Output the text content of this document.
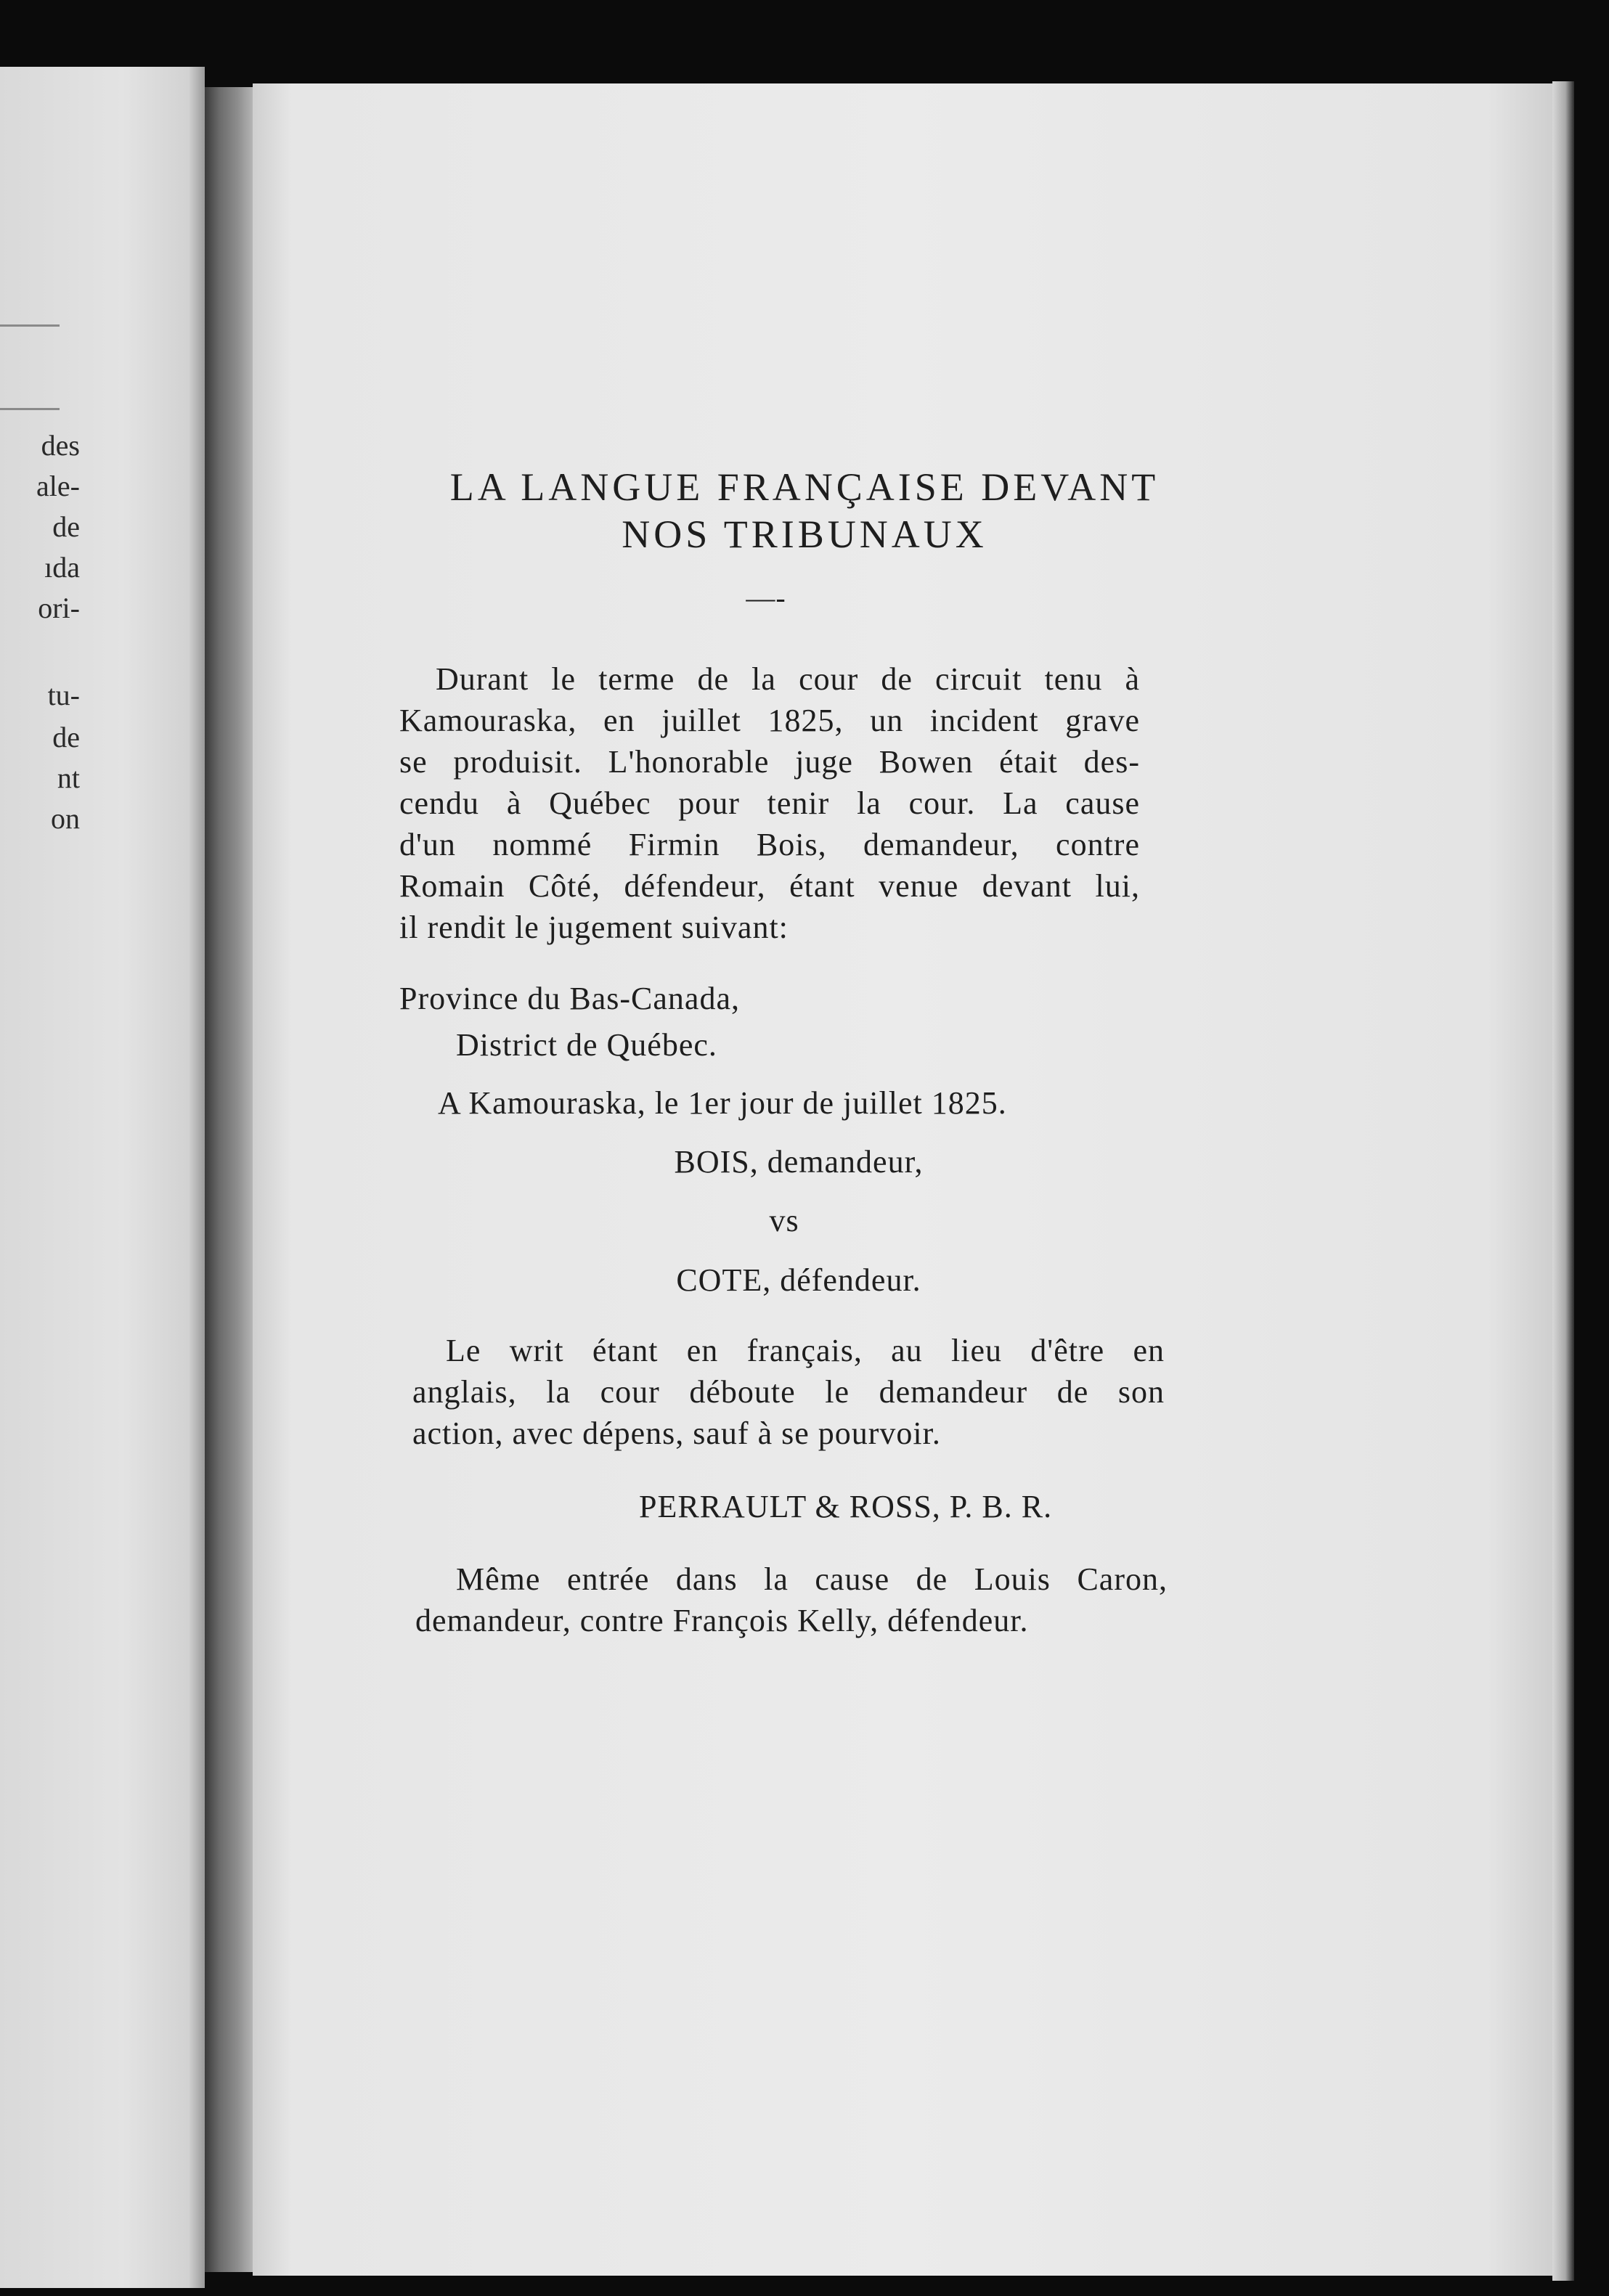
des
ale-
de
ıda
ori-
tu-
de
nt
on
LA LANGUE FRANÇAISE DEVANT
NOS TRIBUNAUX
—-
Durant le terme de la cour de circuit tenu à
Kamouraska, en juillet 1825, un incident grave
se produisit. L'honorable juge Bowen était des-
cendu à Québec pour tenir la cour. La cause
d'un nommé Firmin Bois, demandeur, contre
Romain Côté, défendeur, étant venue devant lui,
il rendit le jugement suivant:
Province du Bas-Canada,
District de Québec.
A Kamouraska, le 1er jour de juillet 1825.
BOIS, demandeur,
vs
COTE, défendeur.
Le writ étant en français, au lieu d'être en
anglais, la cour déboute le demandeur de son
action, avec dépens, sauf à se pourvoir.
PERRAULT & ROSS, P. B. R.
Même entrée dans la cause de Louis Caron,
demandeur, contre François Kelly, défendeur.
